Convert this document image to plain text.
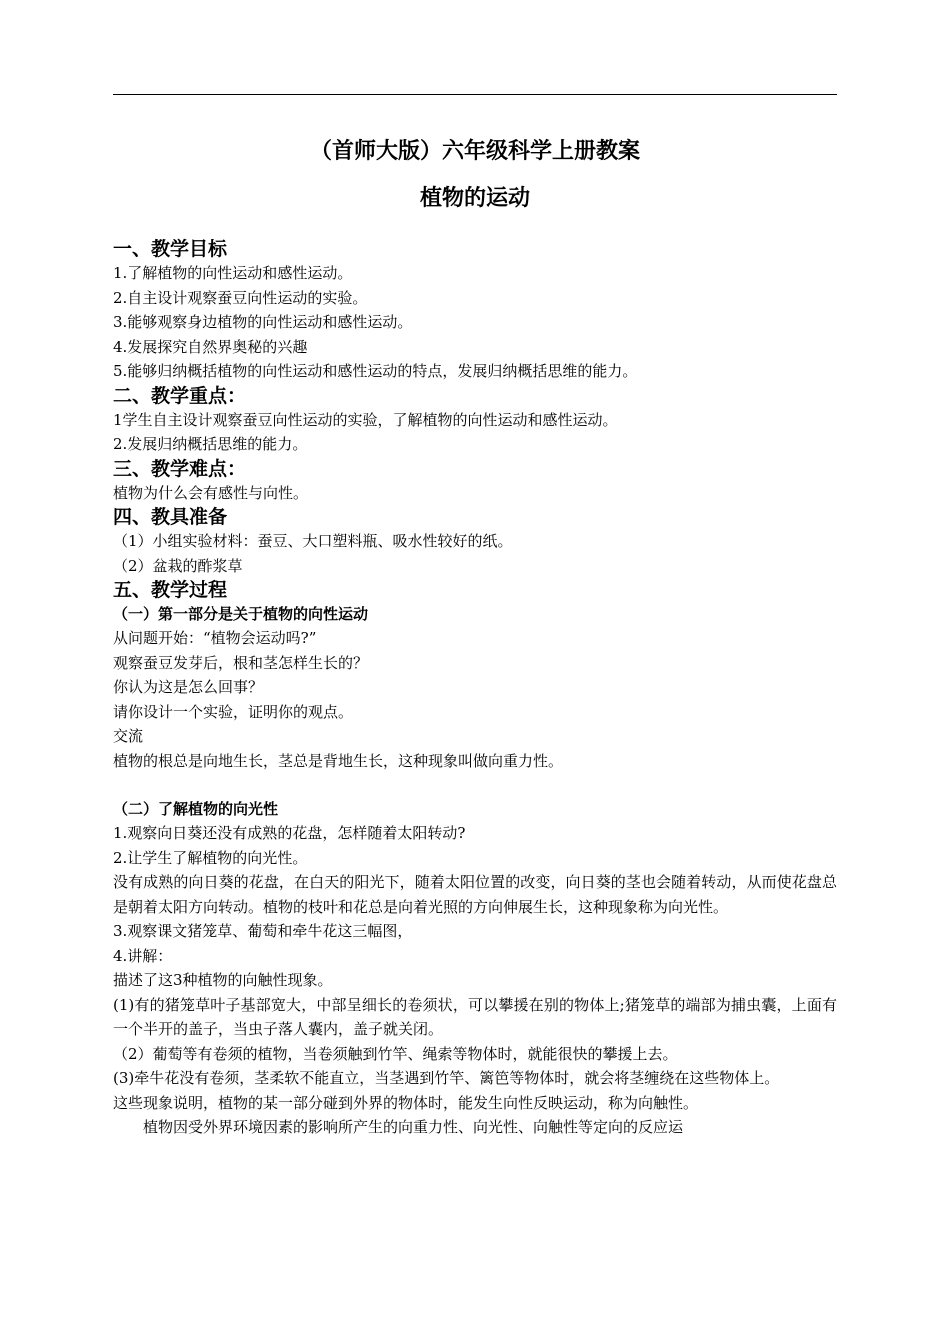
（首师大版）六年级科学上册教案
植物的运动
一、教学目标
1.了解植物的向性运动和感性运动。
2.自主设计观察蚕豆向性运动的实验。
3.能够观察身边植物的向性运动和感性运动。
4.发展探究自然界奥秘的兴趣
5.能够归纳概括植物的向性运动和感性运动的特点，发展归纳概括思维的能力。
二、教学重点：
1学生自主设计观察蚕豆向性运动的实验，了解植物的向性运动和感性运动。
2.发展归纳概括思维的能力。
三、教学难点：
植物为什么会有感性与向性。
四、教具准备
（1）小组实验材料：蚕豆、大口塑料瓶、吸水性较好的纸。
（2）盆栽的酢浆草
五、教学过程
（一）第一部分是关于植物的向性运动
从问题开始：“植物会运动吗?”
观察蚕豆发芽后，根和茎怎样生长的？
你认为这是怎么回事？
请你设计一个实验，证明你的观点。
交流
植物的根总是向地生长，茎总是背地生长，这种现象叫做向重力性。
（二）了解植物的向光性
1.观察向日葵还没有成熟的花盘，怎样随着太阳转动?
2.让学生了解植物的向光性。
没有成熟的向日葵的花盘，在白天的阳光下，随着太阳位置的改变，向日葵的茎也会随着转动，从而使花盘总是朝着太阳方向转动。植物的枝叶和花总是向着光照的方向伸展生长，这种现象称为向光性。
3.观察课文猪笼草、葡萄和牵牛花这三幅图，
4.讲解：
描述了这3种植物的向触性现象。
(1)有的猪笼草叶子基部宽大，中部呈细长的卷须状，可以攀援在别的物体上;猪笼草的端部为捕虫囊，上面有一个半开的盖子，当虫子落人囊内，盖子就关闭。
（2）葡萄等有卷须的植物，当卷须触到竹竿、绳索等物体时，就能很快的攀援上去。
(3)牵牛花没有卷须，茎柔软不能直立，当茎遇到竹竿、篱笆等物体时，就会将茎缠绕在这些物体上。
这些现象说明，植物的某一部分碰到外界的物体时，能发生向性反映运动，称为向触性。
植物因受外界环境因素的影响所产生的向重力性、向光性、向触性等定向的反应运
